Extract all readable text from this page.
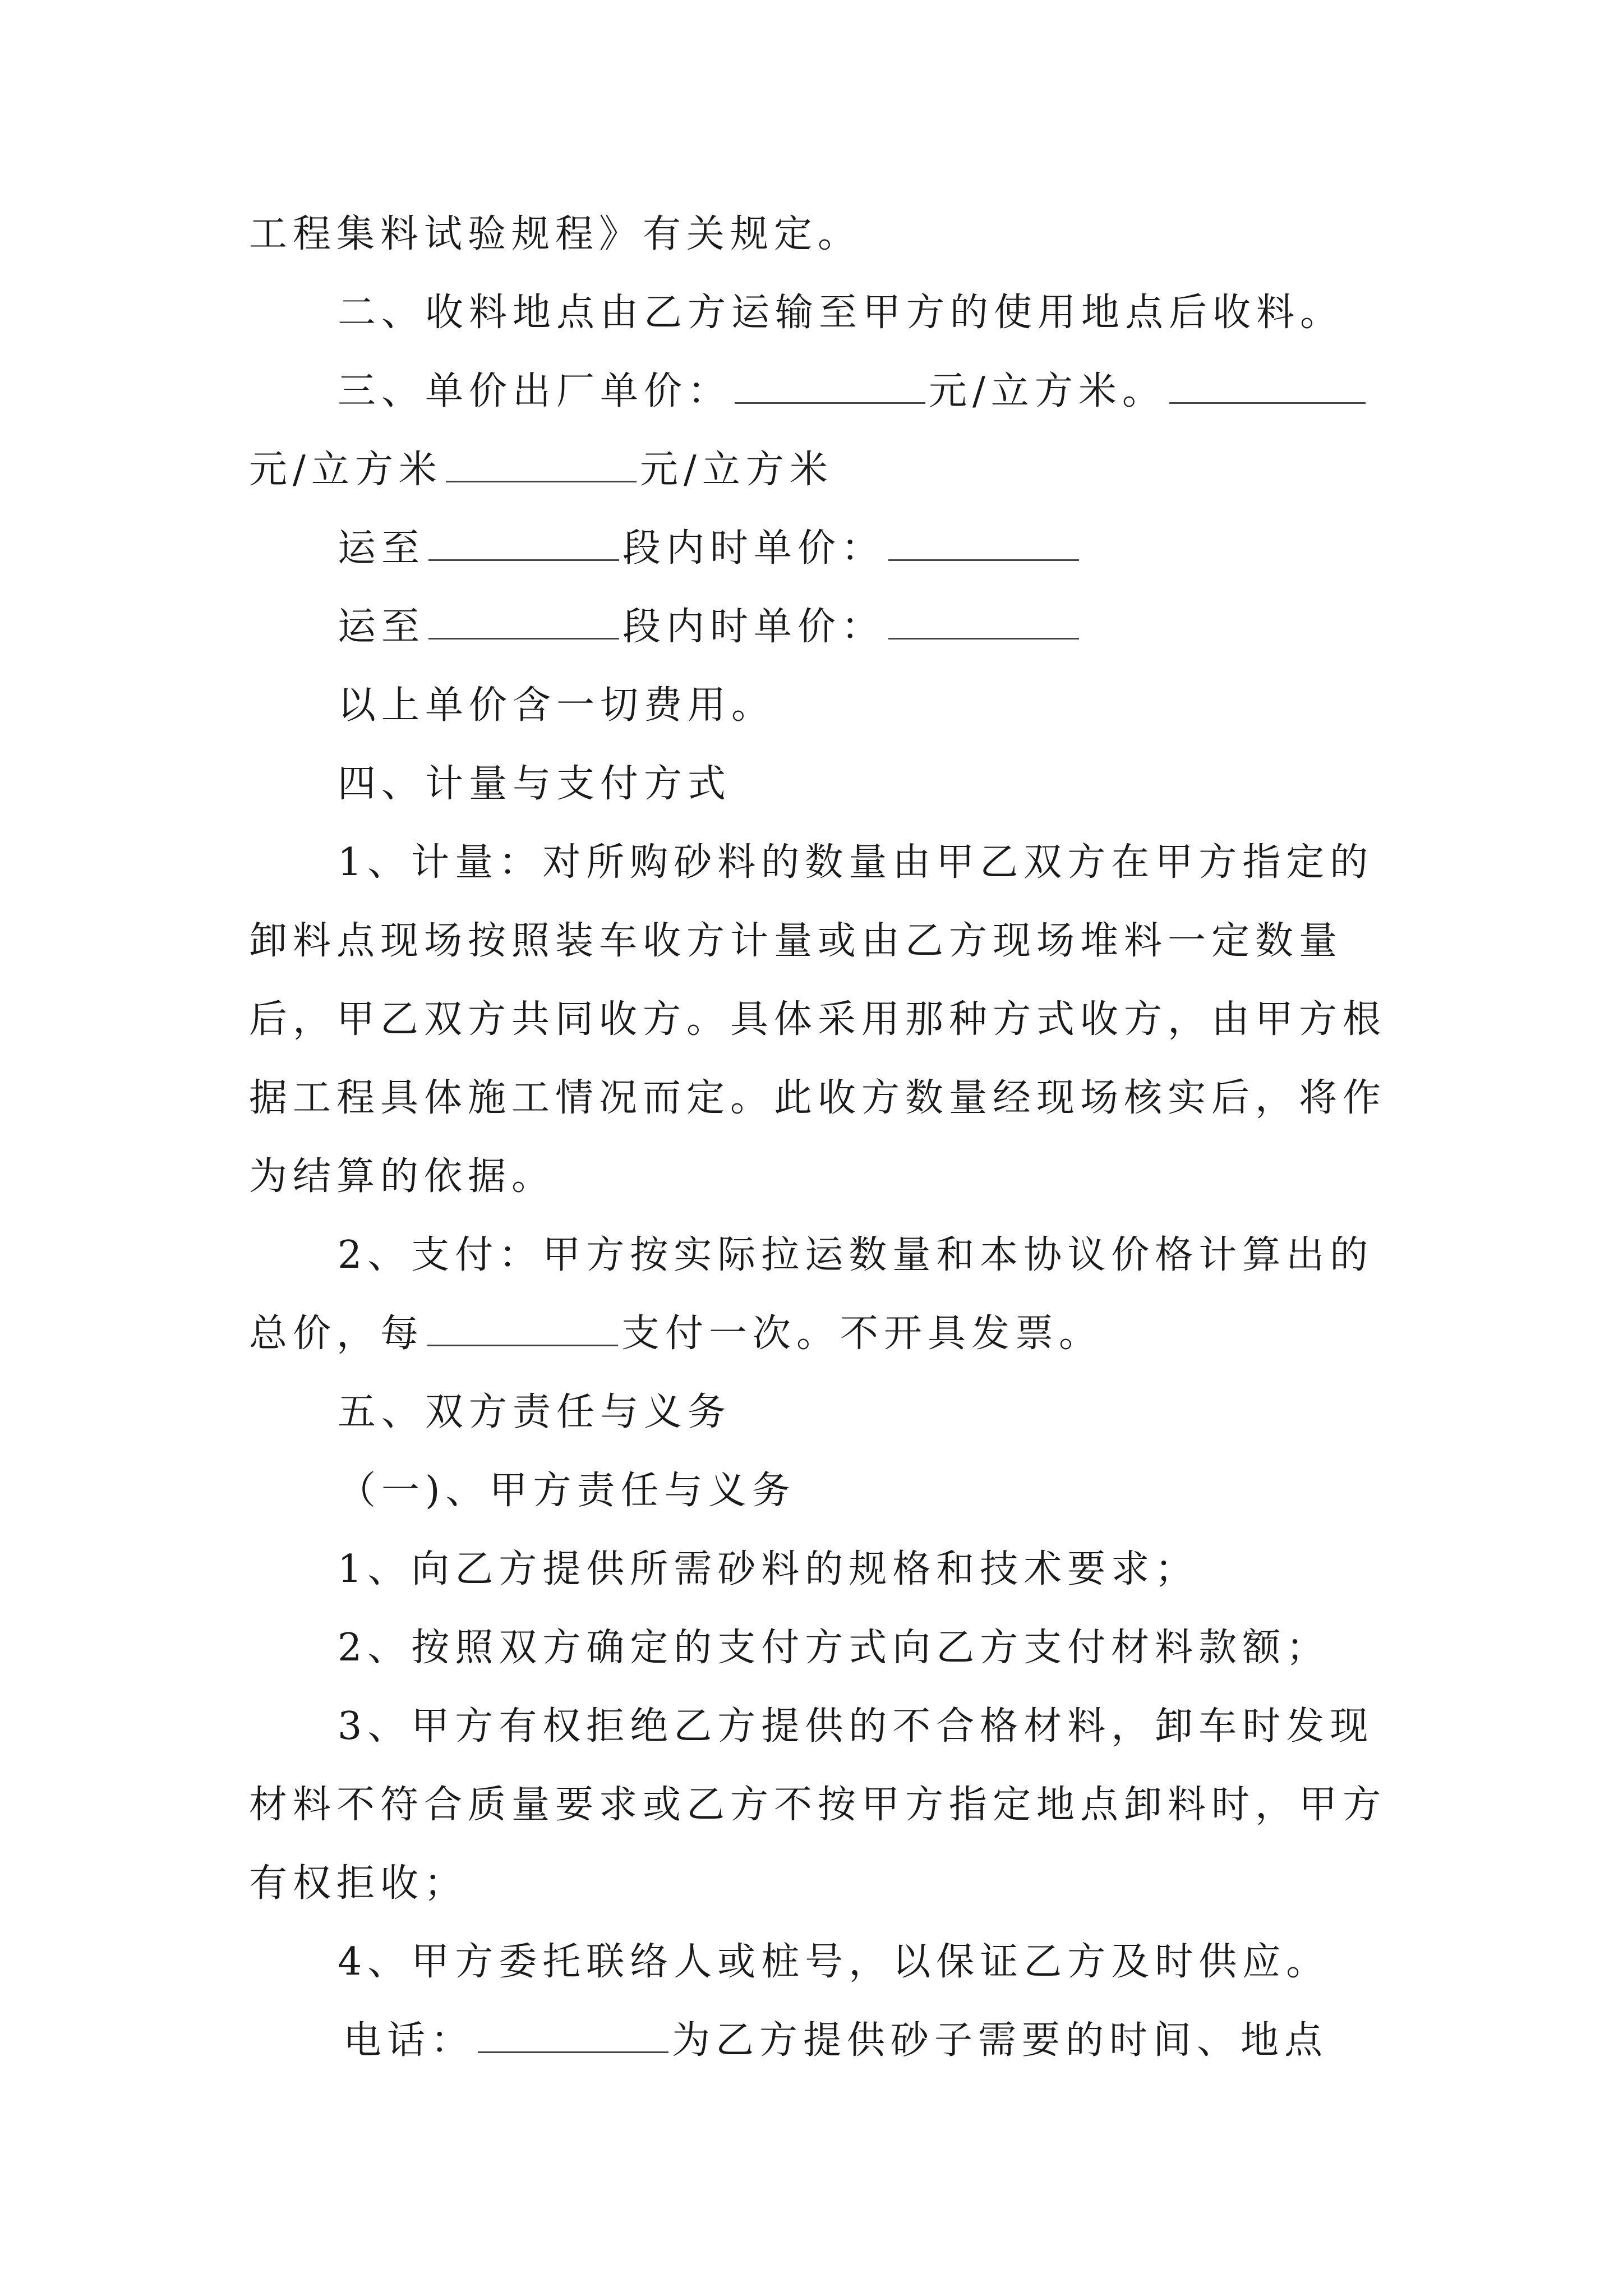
工程集料试验规程》有关规定。
二、收料地点由乙方运输至甲方的使用地点后收料。
三、单价出厂单价：	元/立方米。
元/立方米	元/立方米
运至	段内时单价：
运至	段内时单价：
以上单价含一切费用。
四、计量与支付方式
1、计量：对所购砂料的数量由甲乙双方在甲方指定的
卸料点现场按照装车收方计量或由乙方现场堆料一定数量
后，甲乙双方共同收方。具体采用那种方式收方，由甲方根
据工程具体施工情况而定。此收方数量经现场核实后，将作
为结算的依据。
2、支付：甲方按实际拉运数量和本协议价格计算出的
总价，每	支付一次。不开具发票。
五、双方责任与义务
（一)、甲方责任与义务
1、向乙方提供所需砂料的规格和技术要求；
2、按照双方确定的支付方式向乙方支付材料款额；
3、甲方有权拒绝乙方提供的不合格材料，卸车时发现
材料不符合质量要求或乙方不按甲方指定地点卸料时，甲方
有权拒收；
4、甲方委托联络人或桩号，以保证乙方及时供应。
电话：	为乙方提供砂子需要的时间、地点
